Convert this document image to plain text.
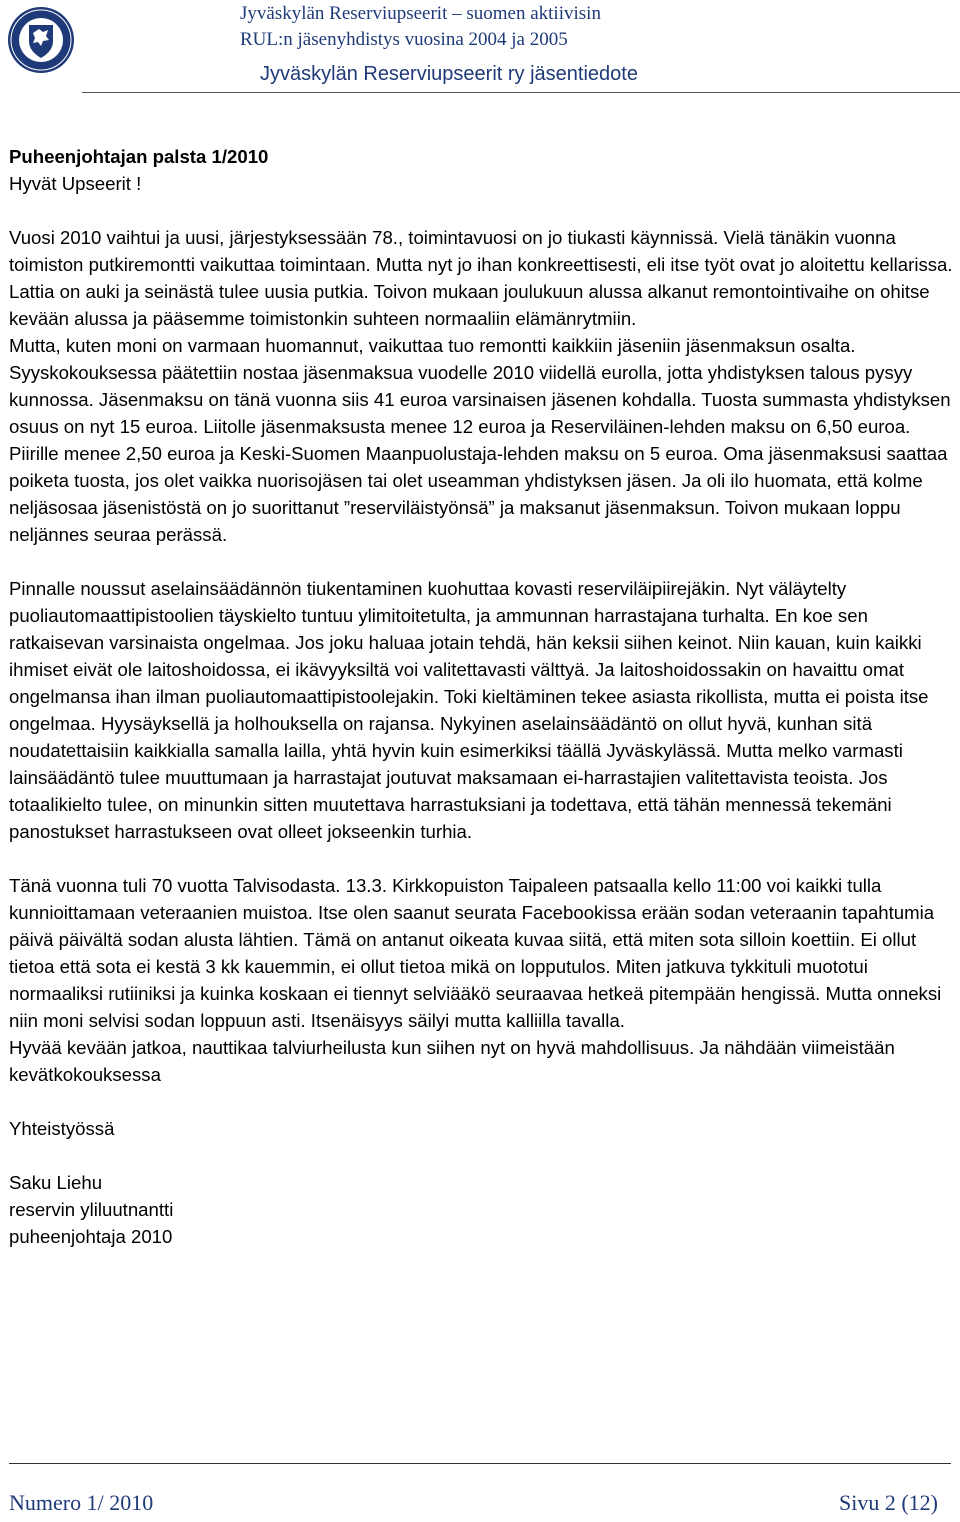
Jyväskylän Reserviupseerit – suomen aktiivisin
RUL:n jäsenyhdistys vuosina 2004 ja 2005
Jyväskylän Reserviupseerit ry jäsentiedote

Puheenjohtajan palsta 1/2010

Hyvät Upseerit !

Vuosi 2010 vaihtui ja uusi, järjestyksessään 78., toimintavuosi on jo tiukasti käynnissä. Vielä tänäkin vuonna toimiston putkiremontti vaikuttaa toimintaan. Mutta nyt jo ihan konkreettisesti, eli itse työt ovat jo aloitettu kellarissa. Lattia on auki ja seinästä tulee uusia putkia. Toivon mukaan joulukuun alussa alkanut remontointivaihe on ohitse kevään alussa ja pääsemme toimistonkin suhteen normaaliin elämänrytmiin.

Mutta, kuten moni on varmaan huomannut, vaikuttaa tuo remontti kaikkiin jäseniin jäsenmaksun osalta. Syyskokouksessa päätettiin nostaa jäsenmaksua vuodelle 2010 viidellä eurolla, jotta yhdistyksen talous pysyy kunnossa. Jäsenmaksu on tänä vuonna siis 41 euroa varsinaisen jäsenen kohdalla. Tuosta summasta yhdistyksen osuus on nyt 15 euroa. Liitolle jäsenmaksusta menee 12 euroa ja Reserviläinen-lehden maksu on 6,50 euroa. Piirille menee 2,50 euroa ja Keski-Suomen Maanpuolustaja-lehden maksu on 5 euroa. Oma jäsenmaksusi saattaa poiketa tuosta, jos olet vaikka nuorisojäsen tai olet useamman yhdistyksen jäsen. Ja oli ilo huomata, että kolme neljäsosaa jäsenistöstä on jo suorittanut ”reserviläistyönsä” ja maksanut jäsenmaksun. Toivon mukaan loppu neljännes seuraa perässä.

Pinnalle noussut aselainsäädännön tiukentaminen kuohuttaa kovasti reserviläipiirejäkin. Nyt väläytelty puoliautomaattipistoolien täyskielto tuntuu ylimitoitetulta, ja ammunnan harrastajana turhalta. En koe sen ratkaisevan varsinaista ongelmaa. Jos joku haluaa jotain tehdä, hän keksii siihen keinot. Niin kauan, kuin kaikki ihmiset eivät ole laitoshoidossa, ei ikävyyksiltä voi valitettavasti välttyä. Ja laitoshoidossakin on havaittu omat ongelmansa ihan ilman puoliautomaattipistoolejakin. Toki kieltäminen tekee asiasta rikollista, mutta ei poista itse ongelmaa. Hyysäyksellä ja holhouksella on rajansa. Nykyinen aselainsäädäntö on ollut hyvä, kunhan sitä noudatettaisiin kaikkialla samalla lailla, yhtä hyvin kuin esimerkiksi täällä Jyväskylässä. Mutta melko varmasti lainsäädäntö tulee muuttumaan ja harrastajat joutuvat maksamaan ei-harrastajien valitettavista teoista. Jos totaalikielto tulee, on minunkin sitten muutettava harrastuksiani ja todettava, että tähän mennessä tekemäni panostukset harrastukseen ovat olleet jokseenkin turhia.

Tänä vuonna tuli 70 vuotta Talvisodasta. 13.3. Kirkkopuiston Taipaleen patsaalla kello 11:00 voi kaikki tulla kunnioittamaan veteraanien muistoa. Itse olen saanut seurata Facebookissa erään sodan veteraanin tapahtumia päivä päivältä sodan alusta lähtien. Tämä on antanut oikeata kuvaa siitä, että miten sota silloin koettiin. Ei ollut tietoa että sota ei kestä 3 kk kauemmin, ei ollut tietoa mikä on lopputulos. Miten jatkuva tykkituli muototui normaaliksi rutiiniksi ja kuinka koskaan ei tiennyt selviääkö seuraavaa hetkeä pitempään hengissä. Mutta onneksi niin moni selvisi sodan loppuun asti. Itsenäisyys säilyi mutta kalliilla tavalla.

Hyvää kevään jatkoa, nauttikaa talviurheilusta kun siihen nyt on hyvä mahdollisuus. Ja nähdään viimeistään kevätkokouksessa

Yhteistyössä

Saku Liehu

reservin yliluutnantti

puheenjohtaja 2010

Numero 1/ 2010	Sivu 2 (12)
